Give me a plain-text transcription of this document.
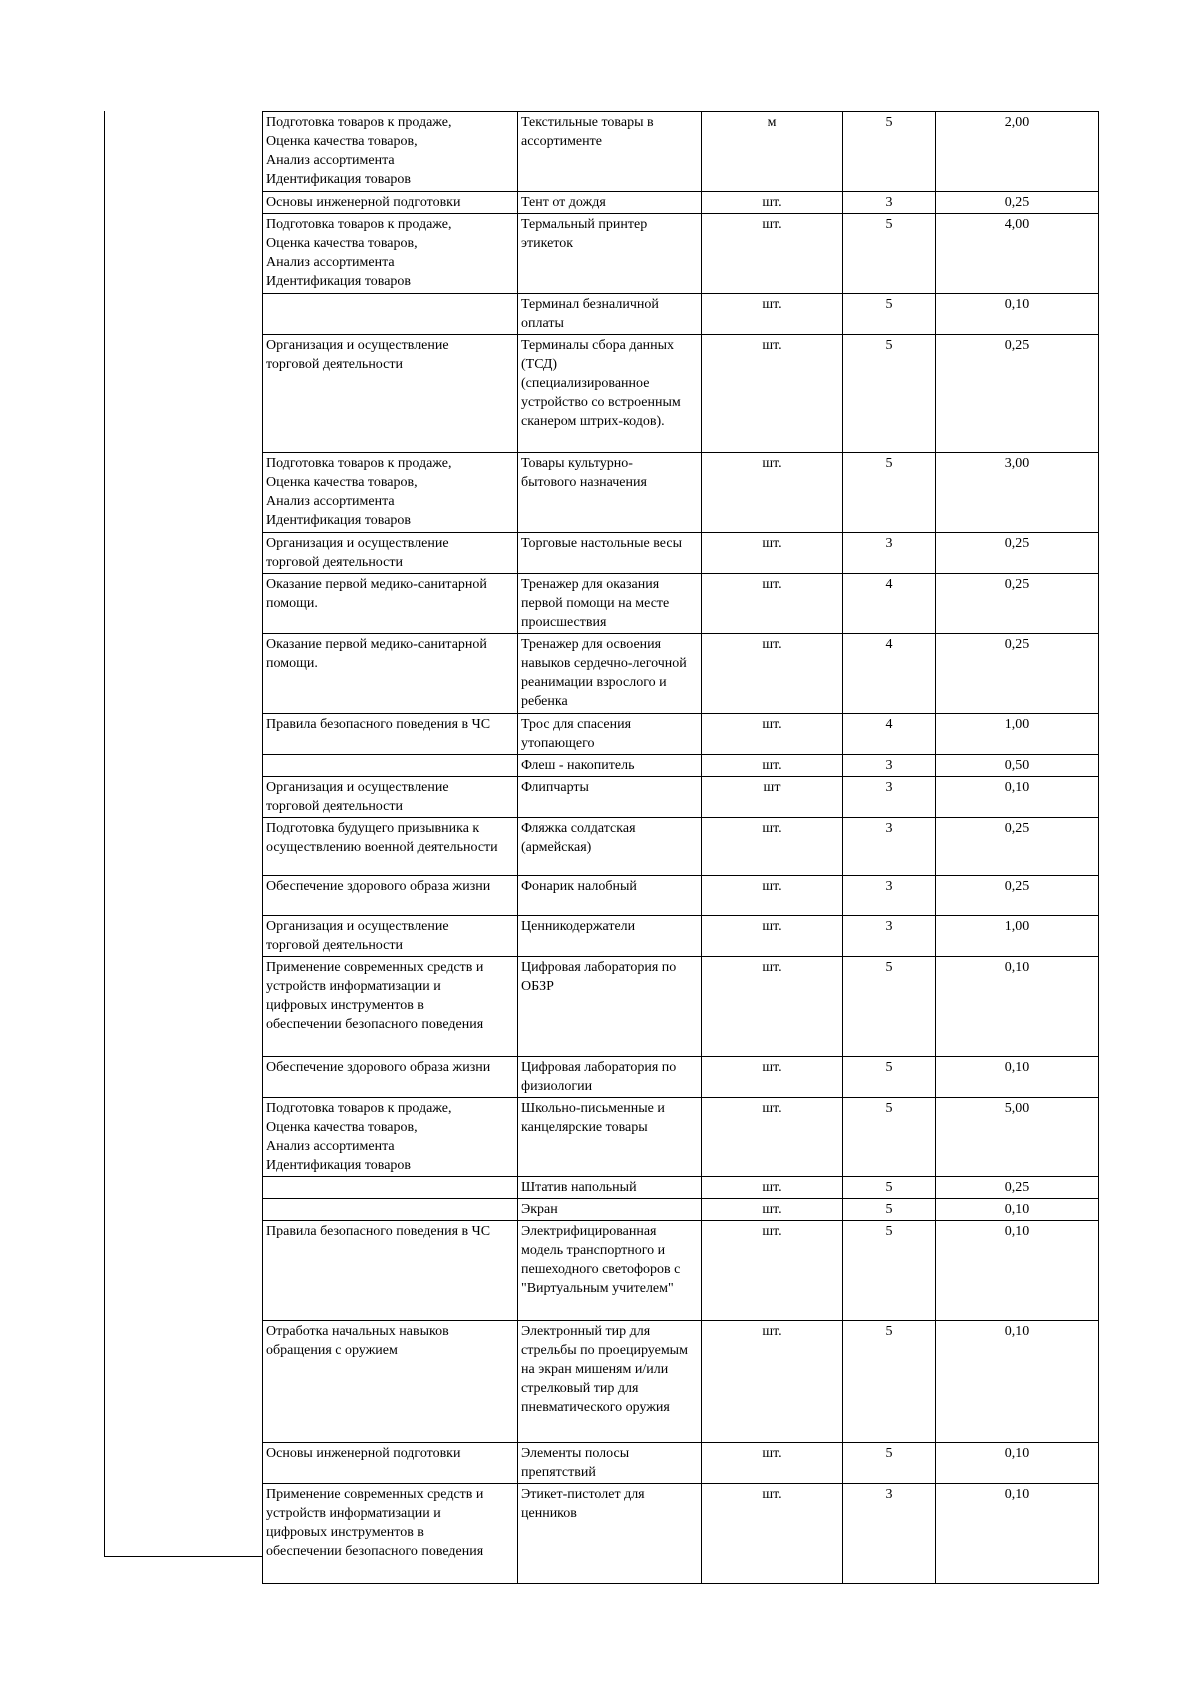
Подготовка товаров к продаже,
Оценка качества товаров,
Анализ ассортимента
Идентификация товаров	Текстильные товары в
ассортименте	м	5	2,00

Основы инженерной подготовки	Тент от дождя	шт.	3	0,25

Подготовка товаров к продаже,
Оценка качества товаров,
Анализ ассортимента
Идентификация товаров	Термальный принтер
этикеток	шт.	5	4,00

	Терминал безналичной
оплаты	шт.	5	0,10

Организация и осуществление
торговой деятельности	Терминалы сбора данных
(ТСД)
(специализированное
устройство со встроенным
сканером штрих-кодов).	шт.	5	0,25

Подготовка товаров к продаже,
Оценка качества товаров,
Анализ ассортимента
Идентификация товаров	Товары культурно-
бытового назначения	шт.	5	3,00

Организация и осуществление
торговой деятельности	Торговые настольные весы	шт.	3	0,25

Оказание первой медико-санитарной
помощи.	Тренажер для оказания
первой помощи на месте
происшествия	шт.	4	0,25

Оказание первой медико-санитарной
помощи.	Тренажер для освоения
навыков сердечно-легочной
реанимации взрослого и
ребенка	шт.	4	0,25

Правила безопасного поведения в ЧС	Трос для спасения
утопающего	шт.	4	1,00

	Флеш - накопитель	шт.	3	0,50

Организация и осуществление
торговой деятельности	Флипчарты	шт	3	0,10

Подготовка будущего призывника к
осуществлению военной деятельности	Фляжка солдатская
(армейская)	шт.	3	0,25

Обеспечение здорового образа жизни	Фонарик налобный	шт.	3	0,25

Организация и осуществление
торговой деятельности	Ценникодержатели	шт.	3	1,00

Применение современных средств и
устройств информатизации и
цифровых инструментов в
обеспечении безопасного поведения	Цифровая лаборатория по
ОБЗР	шт.	5	0,10

Обеспечение здорового образа жизни	Цифровая лаборатория по
физиологии	шт.	5	0,10

Подготовка товаров к продаже,
Оценка качества товаров,
Анализ ассортимента
Идентификация товаров	Школьно-письменные и
канцелярские товары	шт.	5	5,00

	Штатив напольный	шт.	5	0,25

	Экран	шт.	5	0,10

Правила безопасного поведения в ЧС	Электрифицированная
модель транспортного и
пешеходного светофоров с
"Виртуальным учителем"	шт.	5	0,10

Отработка начальных навыков
обращения с оружием	Электронный тир для
стрельбы по проецируемым
на экран мишеням и/или
стрелковый тир для
пневматического оружия	шт.	5	0,10

Основы инженерной подготовки	Элементы полосы
препятствий	шт.	5	0,10

Применение современных средств и
устройств информатизации и
цифровых инструментов в
обеспечении безопасного поведения	Этикет-пистолет для
ценников	шт.	3	0,10
